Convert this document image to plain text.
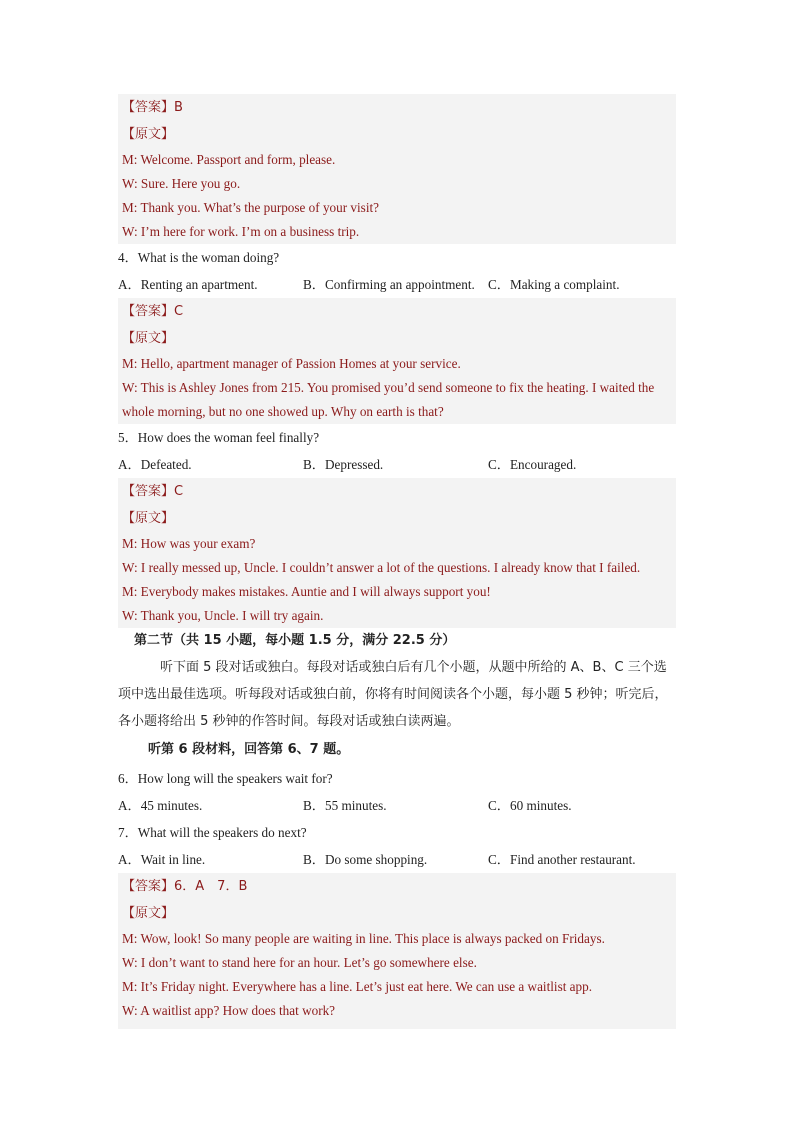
【答案】B
【原文】
M: Welcome. Passport and form, please.
W: Sure. Here you go.
M: Thank you. What’s the purpose of your visit?
W: I’m here for work. I’m on a business trip.
4．What is the woman doing?
A．Renting an apartment.	B．Confirming an appointment.	C．Making a complaint.
【答案】C
【原文】
M: Hello, apartment manager of Passion Homes at your service.
W: This is Ashley Jones from 215. You promised you’d send someone to fix the heating. I waited the whole morning, but no one showed up. Why on earth is that?
5．How does the woman feel finally?
A．Defeated.	B．Depressed.	C．Encouraged.
【答案】C
【原文】
M: How was your exam?
W: I really messed up, Uncle. I couldn’t answer a lot of the questions. I already know that I failed.
M: Everybody makes mistakes. Auntie and I will always support you!
W: Thank you, Uncle. I will try again.
第二节（共 15 小题，每小题 1.5 分，满分 22.5 分）
听下面 5 段对话或独白。每段对话或独白后有几个小题，从题中所给的 A、B、C 三个选项中选出最佳选项。听每段对话或独白前，你将有时间阅读各个小题，每小题 5 秒钟；听完后，各小题将给出 5 秒钟的作答时间。每段对话或独白读两遍。
听第 6 段材料，回答第 6、7 题。
6．How long will the speakers wait for?
A．45 minutes.	B．55 minutes.	C．60 minutes.
7．What will the speakers do next?
A．Wait in line.	B．Do some shopping.	C．Find another restaurant.
【答案】6．A　7．B
【原文】
M: Wow, look! So many people are waiting in line. This place is always packed on Fridays.
W: I don’t want to stand here for an hour. Let’s go somewhere else.
M: It’s Friday night. Everywhere has a line. Let’s just eat here. We can use a waitlist app.
W: A waitlist app? How does that work?
